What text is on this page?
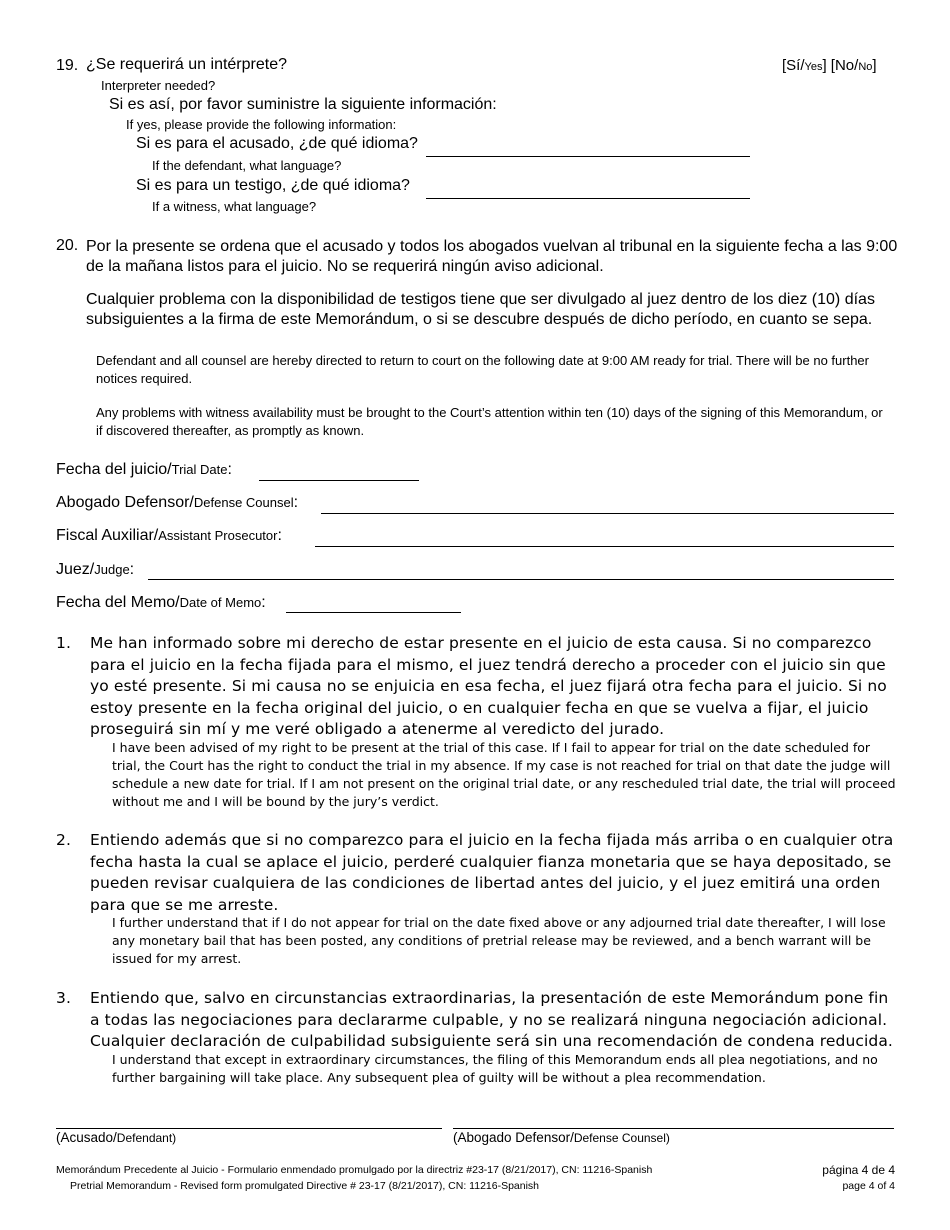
19. ¿Se requerirá un intérprete?
Interpreter needed?
[Sí/Yes] [No/No]
Si es así, por favor suministre la siguiente información:
If yes, please provide the following information:
Si es para el acusado, ¿de qué idioma?
If the defendant, what language?
Si es para un testigo, ¿de qué idioma?
If a witness, what language?
20. Por la presente se ordena que el acusado y todos los abogados vuelvan al tribunal en la siguiente fecha a las 9:00 de la mañana listos para el juicio. No se requerirá ningún aviso adicional.
Cualquier problema con la disponibilidad de testigos tiene que ser divulgado al juez dentro de los diez (10) días subsiguientes a la firma de este Memorándum, o si se descubre después de dicho período, en cuanto se sepa.
Defendant and all counsel are hereby directed to return to court on the following date at 9:00 AM ready for trial. There will be no further notices required.
Any problems with witness availability must be brought to the Court’s attention within ten (10) days of the signing of this Memorandum, or if discovered thereafter, as promptly as known.
Fecha del juicio/Trial Date:
Abogado Defensor/Defense Counsel:
Fiscal Auxiliar/Assistant Prosecutor:
Juez/Judge:
Fecha del Memo/Date of Memo:
1. Me han informado sobre mi derecho de estar presente en el juicio de esta causa. Si no comparezco para el juicio en la fecha fijada para el mismo, el juez tendrá derecho a proceder con el juicio sin que yo esté presente. Si mi causa no se enjuicia en esa fecha, el juez fijará otra fecha para el juicio. Si no estoy presente en la fecha original del juicio, o en cualquier fecha en que se vuelva a fijar, el juicio proseguirá sin mí y me veré obligado a atenerme al veredicto del jurado.
I have been advised of my right to be present at the trial of this case. If I fail to appear for trial on the date scheduled for trial, the Court has the right to conduct the trial in my absence. If my case is not reached for trial on that date the judge will schedule a new date for trial. If I am not present on the original trial date, or any rescheduled trial date, the trial will proceed without me and I will be bound by the jury’s verdict.
2. Entiendo además que si no comparezco para el juicio en la fecha fijada más arriba o en cualquier otra fecha hasta la cual se aplace el juicio, perderé cualquier fianza monetaria que se haya depositado, se pueden revisar cualquiera de las condiciones de libertad antes del juicio, y el juez emitirá una orden para que se me arreste.
I further understand that if I do not appear for trial on the date fixed above or any adjourned trial date thereafter, I will lose any monetary bail that has been posted, any conditions of pretrial release may be reviewed, and a bench warrant will be issued for my arrest.
3. Entiendo que, salvo en circunstancias extraordinarias, la presentación de este Memorándum pone fin a todas las negociaciones para declararme culpable, y no se realizará ninguna negociación adicional. Cualquier declaración de culpabilidad subsiguiente será sin una recomendación de condena reducida.
I understand that except in extraordinary circumstances, the filing of this Memorandum ends all plea negotiations, and no further bargaining will take place. Any subsequent plea of guilty will be without a plea recommendation.
(Acusado/Defendant)	(Abogado Defensor/Defense Counsel)
Memorándum Precedente al Juicio - Formulario enmendado promulgado por la directriz #23-17 (8/21/2017), CN: 11216-Spanish
Pretrial Memorandum - Revised form promulgated Directive # 23-17 (8/21/2017), CN: 11216-Spanish
página 4 de 4
page 4 of 4
